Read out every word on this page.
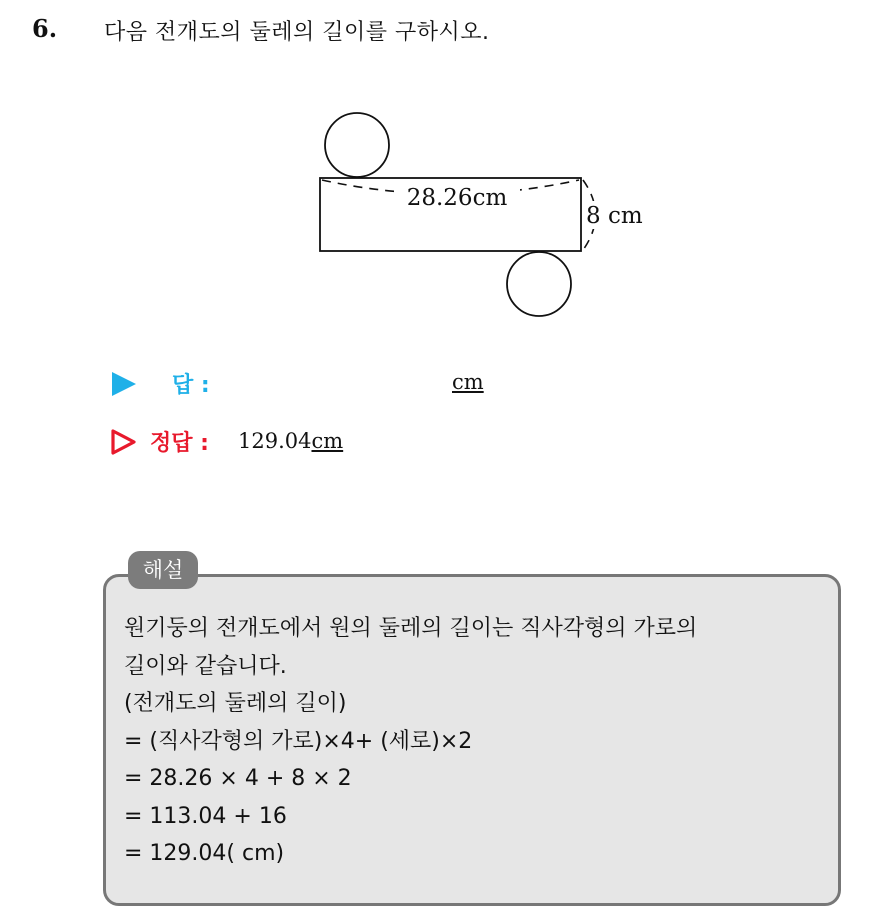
6. 다음 전개도의 둘레의 길이를 구하시오.
28.26cm
8 cm
답 :	cm
정답 : 129.04cm
해설
원기둥의 전개도에서 원의 둘레의 길이는 직사각형의 가로의
길이와 같습니다.
(전개도의 둘레의 길이)
= (직사각형의 가로)×4+ (세로)×2
= 28.26 × 4 + 8 × 2
= 113.04 + 16
= 129.04( cm)
